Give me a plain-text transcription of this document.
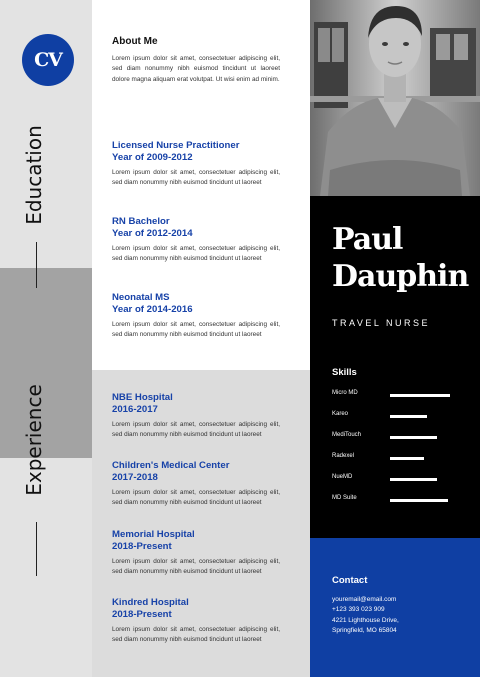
CV
Education
Experience
About Me
Lorem ipsum dolor sit amet, consectetuer adipiscing elit, sed diam nonummy nibh euismod tincidunt ut laoreet dolore magna aliquam erat volutpat. Ut wisi enim ad minim.
Licensed Nurse Practitioner
Year of 2009-2012
Lorem ipsum dolor sit amet, consectetuer adipiscing elit, sed diam nonummy nibh euismod tincidunt ut laoreet
RN Bachelor
Year of 2012-2014
Lorem ipsum dolor sit amet, consectetuer adipiscing elit, sed diam nonummy nibh euismod tincidunt ut laoreet
Neonatal MS
Year of 2014-2016
Lorem ipsum dolor sit amet, consectetuer adipiscing elit, sed diam nonummy nibh euismod tincidunt ut laoreet
NBE Hospital
2016-2017
Lorem ipsum dolor sit amet, consectetuer adipiscing elit, sed diam nonummy nibh euismod tincidunt ut laoreet
Children's Medical Center
2017-2018
Lorem ipsum dolor sit amet, consectetuer adipiscing elit, sed diam nonummy nibh euismod tincidunt ut laoreet
Memorial Hospital
2018-Present
Lorem ipsum dolor sit amet, consectetuer adipiscing elit, sed diam nonummy nibh euismod tincidunt ut laoreet
Kindred Hospital
2018-Present
Lorem ipsum dolor sit amet, consectetuer adipiscing elit, sed diam nonummy nibh euismod tincidunt ut laoreet
Paul
Dauphin
TRAVEL NURSE
Skills
Micro MD
Kareo
MediTouch
Radexel
NueMD
MD Suite
Contact
youremail@email.com
+123 393 023 909
4221 Lighthouse Drive,
Springfield, MO 65804
